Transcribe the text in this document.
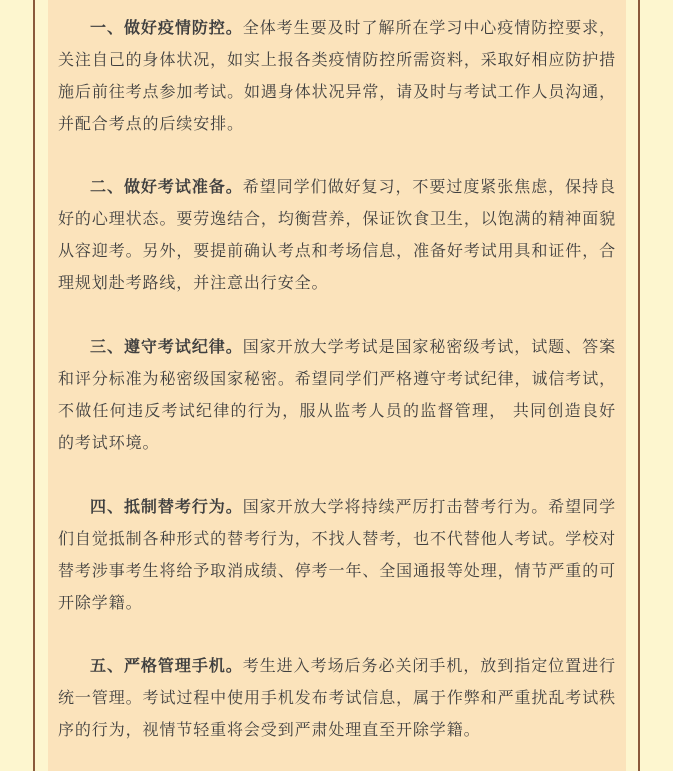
一、做好疫情防控。全体考生要及时了解所在学习中心疫情防控要求，关注自己的身体状况，如实上报各类疫情防控所需资料，采取好相应防护措施后前往考点参加考试。如遇身体状况异常，请及时与考试工作人员沟通，并配合考点的后续安排。

二、做好考试准备。希望同学们做好复习，不要过度紧张焦虑，保持良好的心理状态。要劳逸结合，均衡营养，保证饮食卫生，以饱满的精神面貌从容迎考。另外，要提前确认考点和考场信息，准备好考试用具和证件，合理规划赴考路线，并注意出行安全。

三、遵守考试纪律。国家开放大学考试是国家秘密级考试，试题、答案和评分标准为秘密级国家秘密。希望同学们严格遵守考试纪律，诚信考试，不做任何违反考试纪律的行为，服从监考人员的监督管理， 共同创造良好的考试环境。

四、抵制替考行为。国家开放大学将持续严厉打击替考行为。希望同学们自觉抵制各种形式的替考行为，不找人替考，也不代替他人考试。学校对替考涉事考生将给予取消成绩、停考一年、全国通报等处理，情节严重的可开除学籍。

五、严格管理手机。考生进入考场后务必关闭手机，放到指定位置进行统一管理。考试过程中使用手机发布考试信息，属于作弊和严重扰乱考试秩序的行为，视情节轻重将会受到严肃处理直至开除学籍。
